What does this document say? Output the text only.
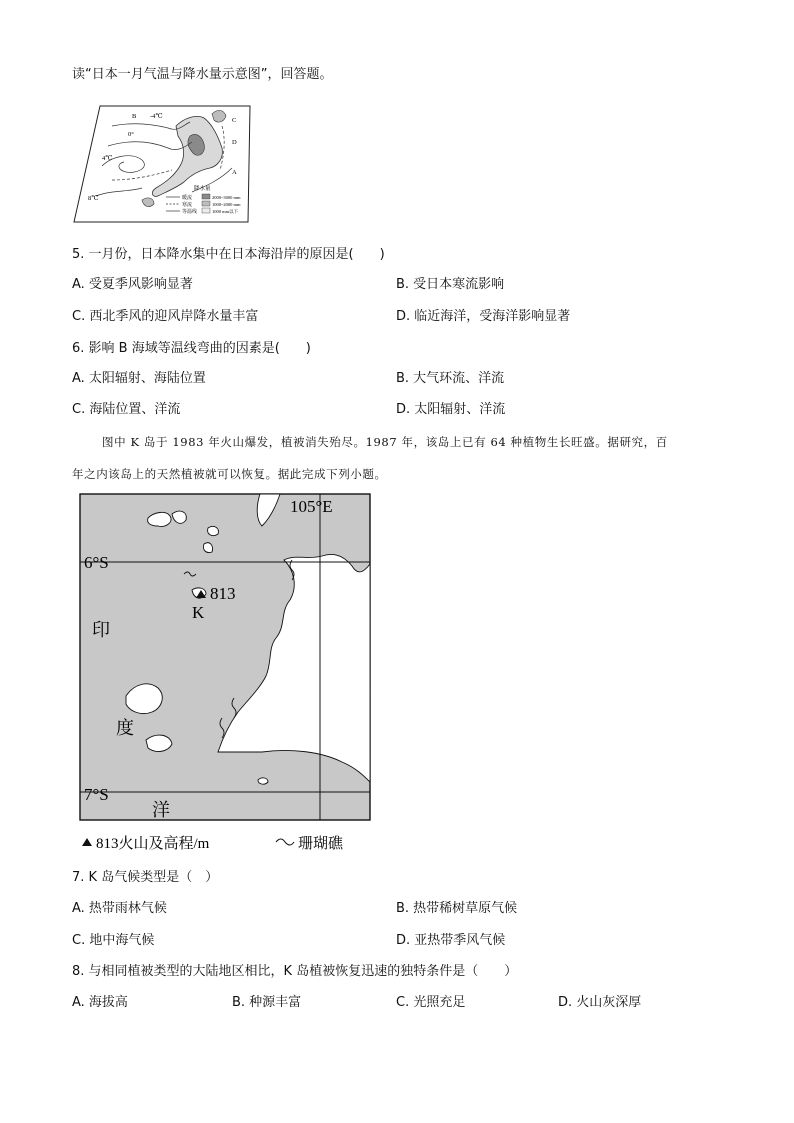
读“日本一月气温与降水量示意图”，回答题。
-4℃
0°
4℃
8℃
B
C
D
A
降水量
暖流
寒流
等温线
2000~3000 mm
1000~2000 mm
1000 mm以下
5. 一月份，日本降水集中在日本海沿岸的原因是(　　)
A. 受夏季风影响显著	B. 受日本寒流影响
C. 西北季风的迎风岸降水量丰富	D. 临近海洋，受海洋影响显著
6. 影响 B 海域等温线弯曲的因素是(　　)
A. 太阳辐射、海陆位置	B. 大气环流、洋流
C. 海陆位置、洋流	D. 太阳辐射、洋流
图中 K 岛于 1983 年火山爆发，植被消失殆尽。1987 年，该岛上已有 64 种植物生长旺盛。据研究，百
年之内该岛上的天然植被就可以恢复。据此完成下列小题。
105°E
6°S
7°S
813
K
印
度
洋
813火山及高程/m	珊瑚礁
7. K 岛气候类型是（　）
A. 热带雨林气候	B. 热带稀树草原气候
C. 地中海气候	D. 亚热带季风气候
8. 与相同植被类型的大陆地区相比，K 岛植被恢复迅速的独特条件是（　　）
A. 海拔高	B. 种源丰富	C. 光照充足	D. 火山灰深厚
